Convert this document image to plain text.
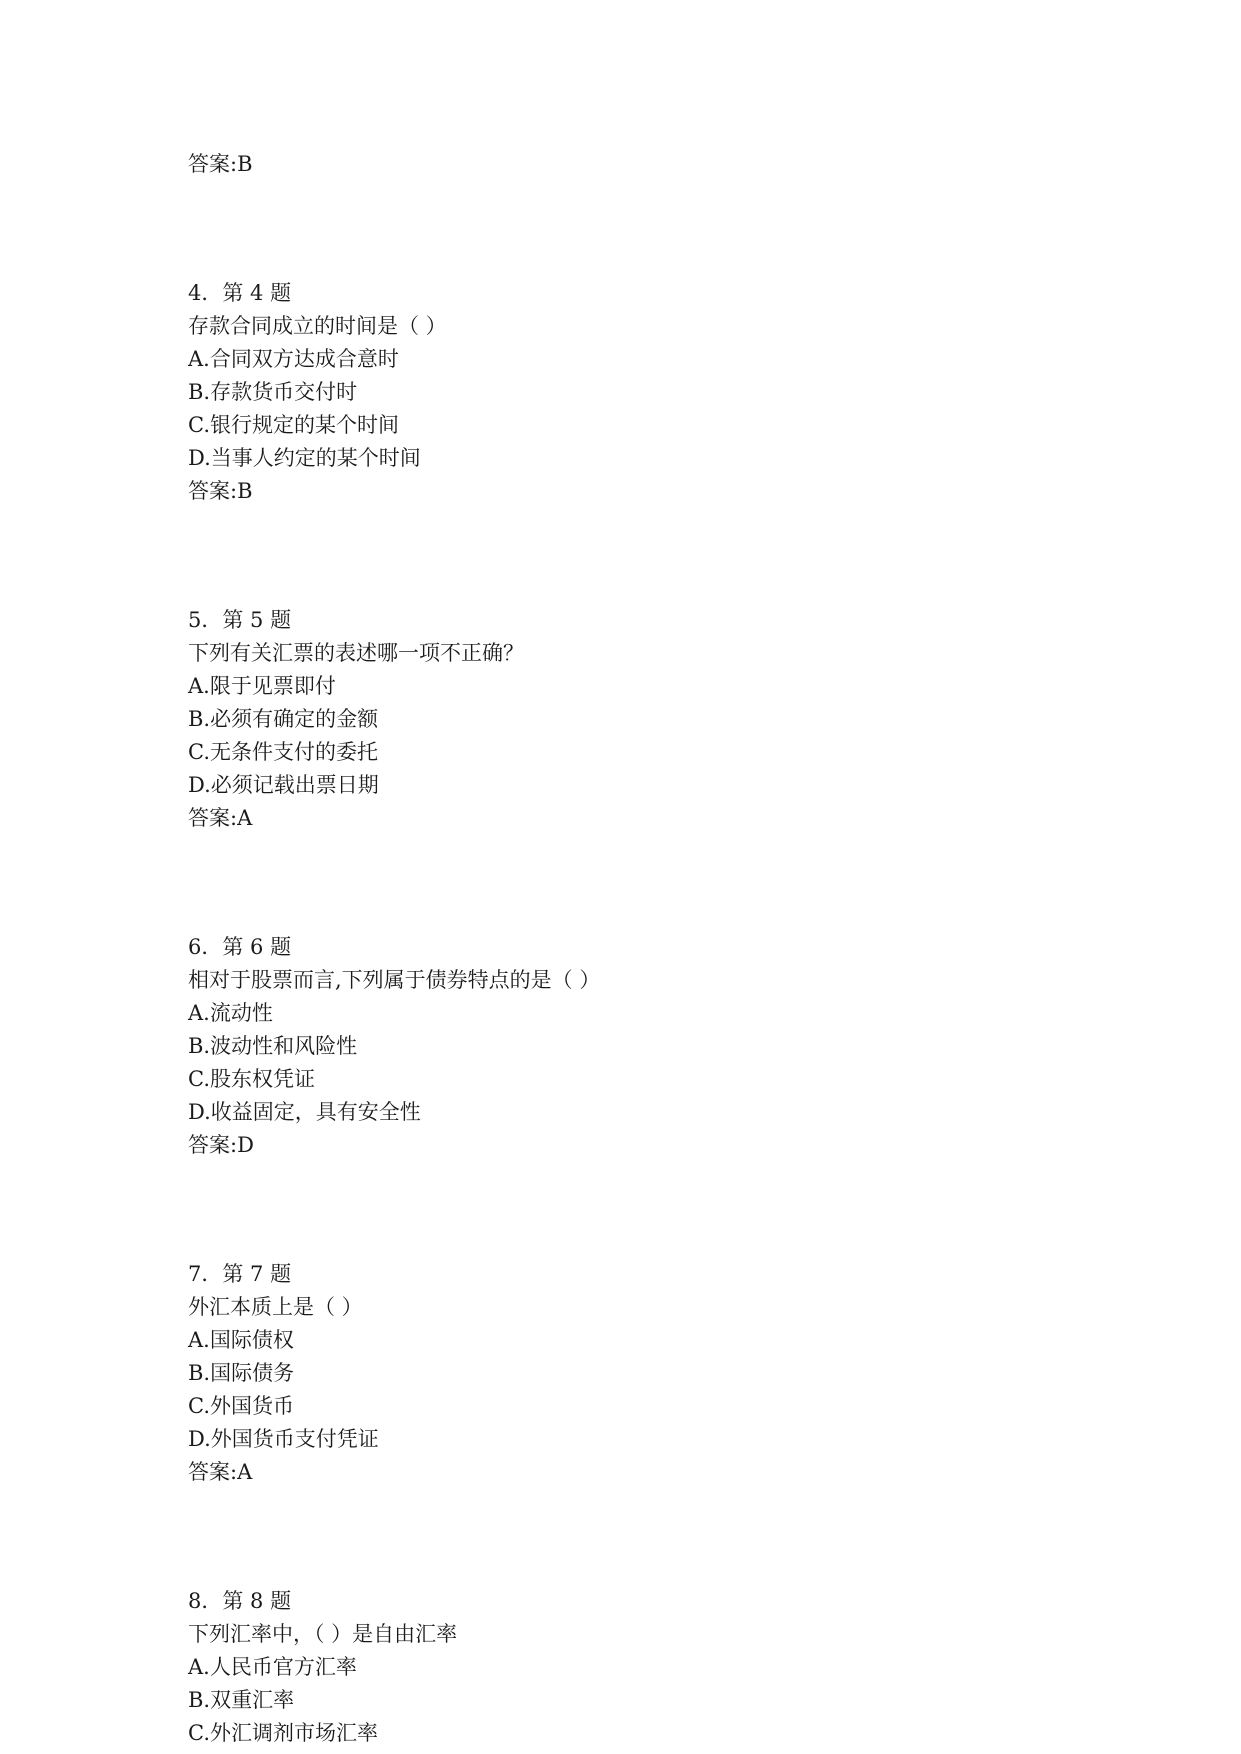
答案:B
4．第 4 题
存款合同成立的时间是（ ）
A.合同双方达成合意时
B.存款货币交付时
C.银行规定的某个时间
D.当事人约定的某个时间
答案:B
5．第 5 题
下列有关汇票的表述哪一项不正确？
A.限于见票即付
B.必须有确定的金额
C.无条件支付的委托
D.必须记载出票日期
答案:A
6．第 6 题
相对于股票而言,下列属于债券特点的是（ ）
A.流动性
B.波动性和风险性
C.股东权凭证
D.收益固定，具有安全性
答案:D
7．第 7 题
外汇本质上是（ ）
A.国际债权
B.国际债务
C.外国货币
D.外国货币支付凭证
答案:A
8．第 8 题
下列汇率中，（ ）是自由汇率
A.人民币官方汇率
B.双重汇率
C.外汇调剂市场汇率
